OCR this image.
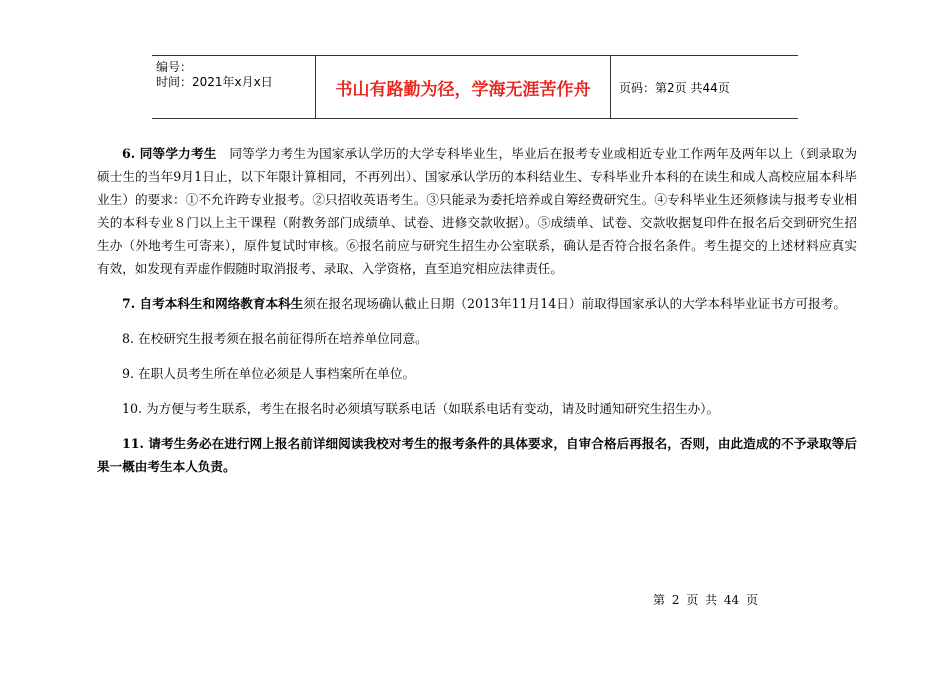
编号：
时间：2021年x月x日	书山有路勤为径，学海无涯苦作舟	页码：第2页 共44页

6. 同等学力考生　同等学力考生为国家承认学历的大学专科毕业生，毕业后在报考专业或相近专业工作两年及两年以上（到录取为硕士生的当年9月1日止，以下年限计算相同，不再列出）、国家承认学历的本科结业生、专科毕业升本科的在读生和成人高校应届本科毕业生）的要求：①不允许跨专业报考。②只招收英语考生。③只能录为委托培养或自筹经费研究生。④专科毕业生还须修读与报考专业相关的本科专业８门以上主干课程（附教务部门成绩单、试卷、进修交款收据）。⑤成绩单、试卷、交款收据复印件在报名后交到研究生招生办（外地考生可寄来），原件复试时审核。⑥报名前应与研究生招生办公室联系，确认是否符合报名条件。考生提交的上述材料应真实有效，如发现有弄虚作假随时取消报考、录取、入学资格，直至追究相应法律责任。

7. 自考本科生和网络教育本科生须在报名现场确认截止日期（2013年11月14日）前取得国家承认的大学本科毕业证书方可报考。

8. 在校研究生报考须在报名前征得所在培养单位同意。

9. 在职人员考生所在单位必须是人事档案所在单位。

10. 为方便与考生联系，考生在报名时必须填写联系电话（如联系电话有变动，请及时通知研究生招生办）。

11. 请考生务必在进行网上报名前详细阅读我校对考生的报考条件的具体要求，自审合格后再报名，否则，由此造成的不予录取等后果一概由考生本人负责。

第 2 页 共 44 页
